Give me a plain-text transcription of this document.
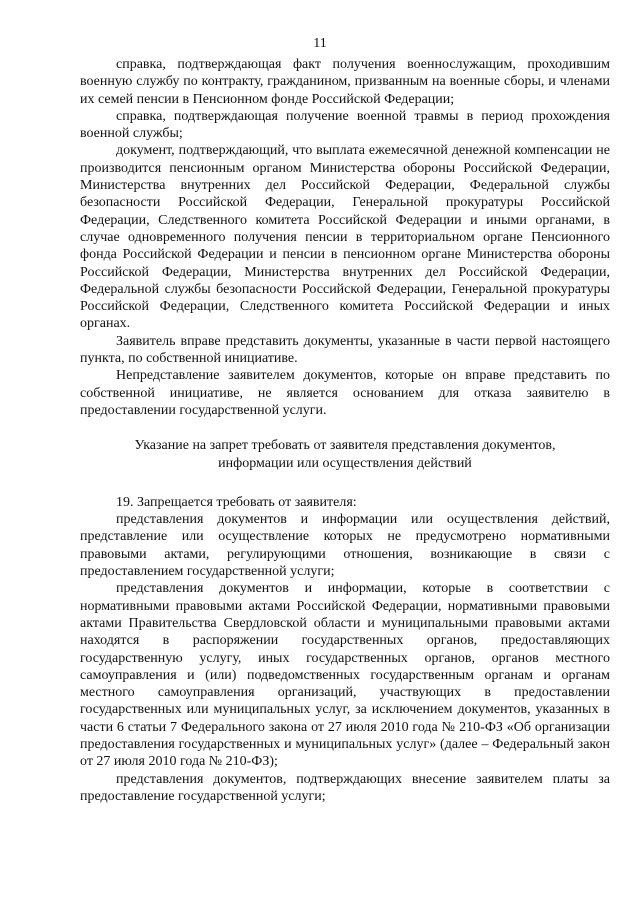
11

справка, подтверждающая факт получения военнослужащим, проходившим военную службу по контракту, гражданином, призванным на военные сборы, и членами их семей пенсии в Пенсионном фонде Российской Федерации;

справка, подтверждающая получение военной травмы в период прохождения военной службы;

документ, подтверждающий, что выплата ежемесячной денежной компенсации не производится пенсионным органом Министерства обороны Российской Федерации, Министерства внутренних дел Российской Федерации, Федеральной службы безопасности Российской Федерации, Генеральной прокуратуры Российской Федерации, Следственного комитета Российской Федерации и иными органами, в случае одновременного получения пенсии в территориальном органе Пенсионного фонда Российской Федерации и пенсии в пенсионном органе Министерства обороны Российской Федерации, Министерства внутренних дел Российской Федерации, Федеральной службы безопасности Российской Федерации, Генеральной прокуратуры Российской Федерации, Следственного комитета Российской Федерации и иных органах.

Заявитель вправе представить документы, указанные в части первой настоящего пункта, по собственной инициативе.

Непредставление заявителем документов, которые он вправе представить по собственной инициативе, не является основанием для отказа заявителю в предоставлении государственной услуги.

Указание на запрет требовать от заявителя представления документов,
информации или осуществления действий

19. Запрещается требовать от заявителя:

представления документов и информации или осуществления действий, представление или осуществление которых не предусмотрено нормативными правовыми актами, регулирующими отношения, возникающие в связи с предоставлением государственной услуги;

представления документов и информации, которые в соответствии с нормативными правовыми актами Российской Федерации, нормативными правовыми актами Правительства Свердловской области и муниципальными правовыми актами находятся в распоряжении государственных органов, предоставляющих государственную услугу, иных государственных органов, органов местного самоуправления и (или) подведомственных государственным органам и органам местного самоуправления организаций, участвующих в предоставлении государственных или муниципальных услуг, за исключением документов, указанных в части 6 статьи 7 Федерального закона от 27 июля 2010 года № 210-ФЗ «Об организации предоставления государственных и муниципальных услуг» (далее – Федеральный закон от 27 июля 2010 года № 210-ФЗ);

представления документов, подтверждающих внесение заявителем платы за предоставление государственной услуги;
